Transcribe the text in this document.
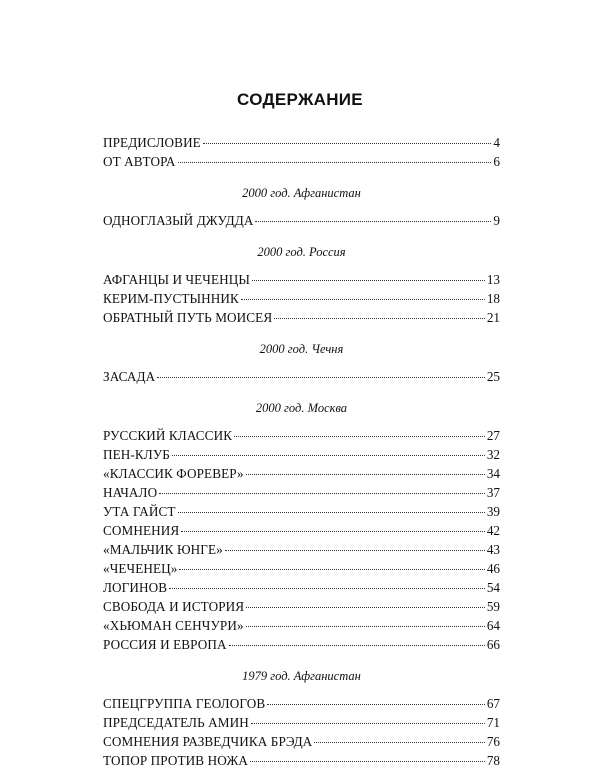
СОДЕРЖАНИЕ
ПРЕДИСЛОВИЕ	4
ОТ АВТОРА	6
2000 год. Афганистан
ОДНОГЛАЗЫЙ ДЖУДДА	9
2000 год. Россия
АФГАНЦЫ И ЧЕЧЕНЦЫ	13
КЕРИМ-ПУСТЫННИК	18
ОБРАТНЫЙ ПУТЬ МОИСЕЯ	21
2000 год. Чечня
ЗАСАДА	25
2000 год. Москва
РУССКИЙ КЛАССИК	27
ПЕН-КЛУБ	32
«КЛАССИК ФОРЕВЕР»	34
НАЧАЛО	37
УТА ГАЙСТ	39
СОМНЕНИЯ	42
«МАЛЬЧИК ЮНГЕ»	43
«ЧЕЧЕНЕЦ»	46
ЛОГИНОВ	54
СВОБОДА И ИСТОРИЯ	59
«ХЬЮМАН СЕНЧУРИ»	64
РОССИЯ И ЕВРОПА	66
1979 год. Афганистан
СПЕЦГРУППА ГЕОЛОГОВ	67
ПРЕДСЕДАТЕЛЬ АМИН	71
СОМНЕНИЯ РАЗВЕДЧИКА БРЭДА	76
ТОПОР ПРОТИВ НОЖА	78
